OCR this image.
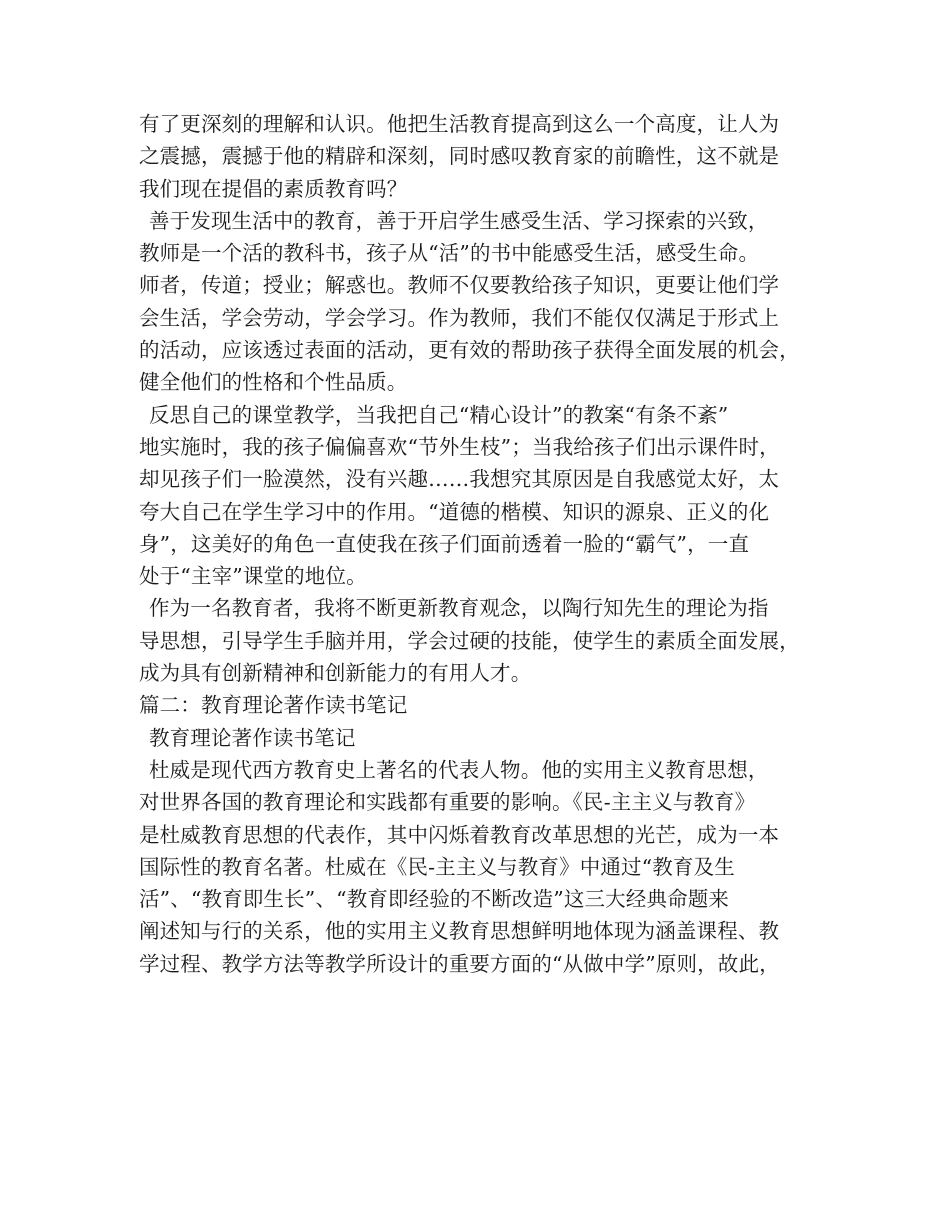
有了更深刻的理解和认识。他把生活教育提高到这么一个高度，让人为
之震撼，震撼于他的精辟和深刻，同时感叹教育家的前瞻性，这不就是
我们现在提倡的素质教育吗？
善于发现生活中的教育，善于开启学生感受生活、学习探索的兴致，
教师是一个活的教科书，孩子从“活”的书中能感受生活，感受生命。
师者，传道；授业；解惑也。教师不仅要教给孩子知识，更要让他们学
会生活，学会劳动，学会学习。作为教师，我们不能仅仅满足于形式上
的活动，应该透过表面的活动，更有效的帮助孩子获得全面发展的机会，
健全他们的性格和个性品质。
反思自己的课堂教学，当我把自己“精心设计”的教案“有条不紊”
地实施时，我的孩子偏偏喜欢“节外生枝”；当我给孩子们出示课件时，
却见孩子们一脸漠然，没有兴趣……我想究其原因是自我感觉太好，太
夸大自己在学生学习中的作用。“道德的楷模、知识的源泉、正义的化
身”，这美好的角色一直使我在孩子们面前透着一脸的“霸气”，一直
处于“主宰”课堂的地位。
作为一名教育者，我将不断更新教育观念，以陶行知先生的理论为指
导思想，引导学生手脑并用，学会过硬的技能，使学生的素质全面发展，
成为具有创新精神和创新能力的有用人才。
篇二：教育理论著作读书笔记
教育理论著作读书笔记
杜威是现代西方教育史上著名的代表人物。他的实用主义教育思想，
对世界各国的教育理论和实践都有重要的影响。《民-主主义与教育》
是杜威教育思想的代表作，其中闪烁着教育改革思想的光芒，成为一本
国际性的教育名著。杜威在《民-主主义与教育》中通过“教育及生
活”、“教育即生长”、“教育即经验的不断改造”这三大经典命题来
阐述知与行的关系，他的实用主义教育思想鲜明地体现为涵盖课程、教
学过程、教学方法等教学所设计的重要方面的“从做中学”原则，故此，
